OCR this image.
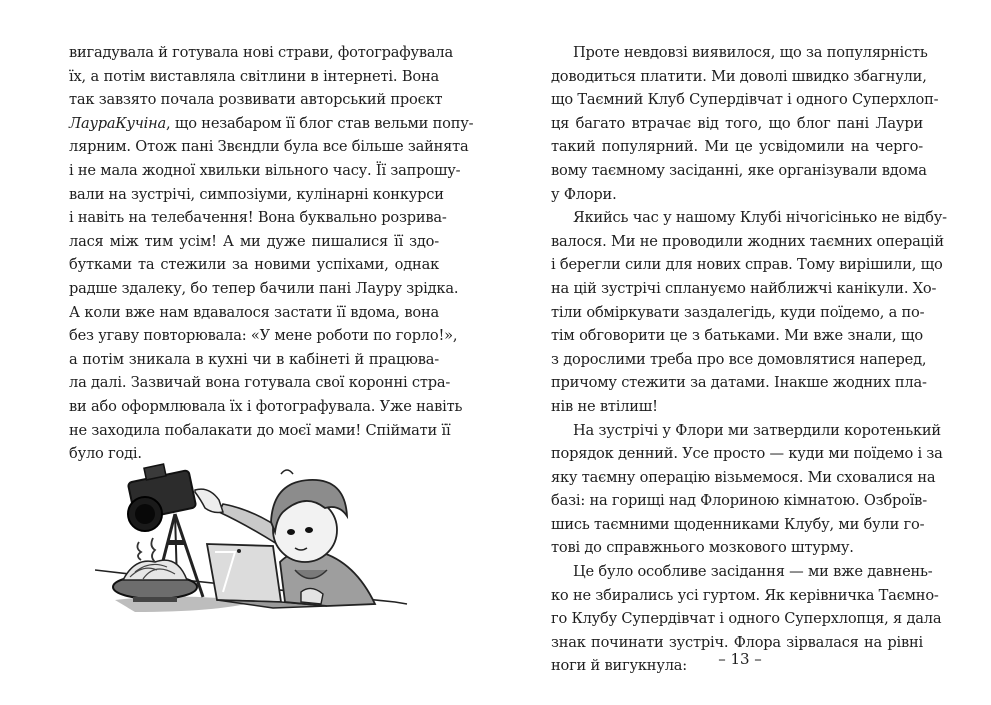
вигадувала й готувала нові страви, фотографувала
їх, а потім виставляла світлини в інтернеті. Вона
так завзято почала розвивати авторський проєкт
ЛаураКучіна, що незабаром її блог став вельми попу-
лярним. Отож пані Звєндли була все більше зайнята
і не мала жодної хвильки вільного часу. Її запрошу-
вали на зустрічі, симпозіуми, кулінарні конкурси
і навіть на телебачення! Вона буквально розрива-
лася між тим усім! А ми дуже пишалися її здо-
бутками та стежили за новими успіхами, однак
радше здалеку, бо тепер бачили пані Лауру зрідка.
А коли вже нам вдавалося застати її вдома, вона
без угаву повторювала: «У мене роботи по горло!»,
а потім зникала в кухні чи в кабінеті й працюва-
ла далі. Зазвичай вона готувала свої коронні стра-
ви або оформлювала їх і фотографувала. Уже навіть
не заходила побалакати до моєї мами! Спіймати її
було годі.
Проте невдовзі виявилося, що за популярність
доводиться платити. Ми доволі швидко збагнули,
що Таємний Клуб Супердівчат і одного Суперхлоп-
ця багато втрачає від того, що блог пані Лаури
такий популярний. Ми це усвідомили на черго-
вому таємному засіданні, яке організували вдома
у Флори.
Якийсь час у нашому Клубі нічогісінько не відбу-
валося. Ми не проводили жодних таємних операцій
і берегли сили для нових справ. Тому вирішили, що
на цій зустрічі сплануємо найближчі канікули. Хо-
тіли обміркувати заздалегідь, куди поїдемо, а по-
тім обговорити це з батьками. Ми вже знали, що
з дорослими треба про все домовлятися наперед,
причому стежити за датами. Інакше жодних пла-
нів не втілиш!
На зустрічі у Флори ми затвердили коротенький
порядок денний. Усе просто — куди ми поїдемо і за
яку таємну операцію візьмемося. Ми сховалися на
базі: на горищі над Флориною кімнатою. Озброїв-
шись таємними щоденниками Клубу, ми були го-
тові до справжнього мозкового штурму.
Це було особливе засідання — ми вже давнень-
ко не збирались усі гуртом. Як керівничка Таємно-
го Клубу Супердівчат і одного Суперхлопця, я дала
знак починати зустріч. Флора зірвалася на рівні
ноги й вигукнула:	– 13 –
